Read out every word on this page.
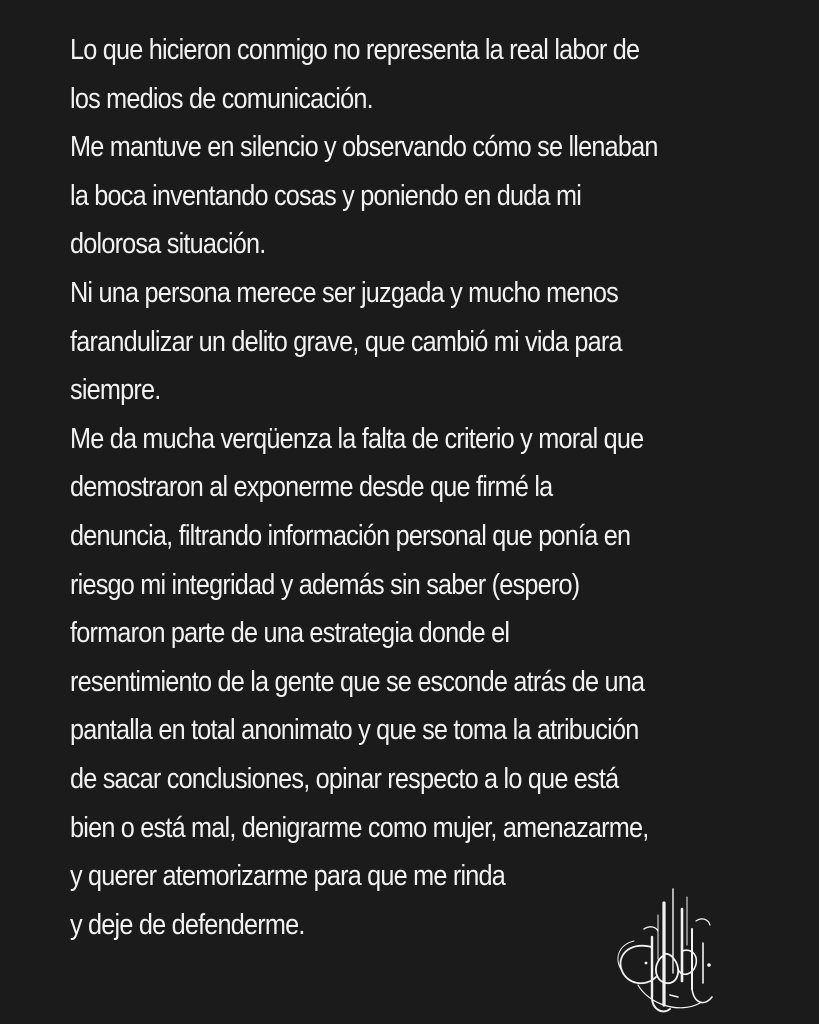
Lo que hicieron conmigo no representa la real labor de
los medios de comunicación.
Me mantuve en silencio y observando cómo se llenaban
la boca inventando cosas y poniendo en duda mi
dolorosa situación.
Ni una persona merece ser juzgada y mucho menos
farandulizar un delito grave, que cambió mi vida para
siempre.
Me da mucha verqüenza la falta de criterio y moral que
demostraron al exponerme desde que firmé la
denuncia, filtrando información personal que ponía en
riesgo mi integridad y además sin saber (espero)
formaron parte de una estrategia donde el
resentimiento de la gente que se esconde atrás de una
pantalla en total anonimato y que se toma la atribución
de sacar conclusiones, opinar respecto a lo que está
bien o está mal, denigrarme como mujer, amenazarme,
y querer atemorizarme para que me rinda
y deje de defenderme.
